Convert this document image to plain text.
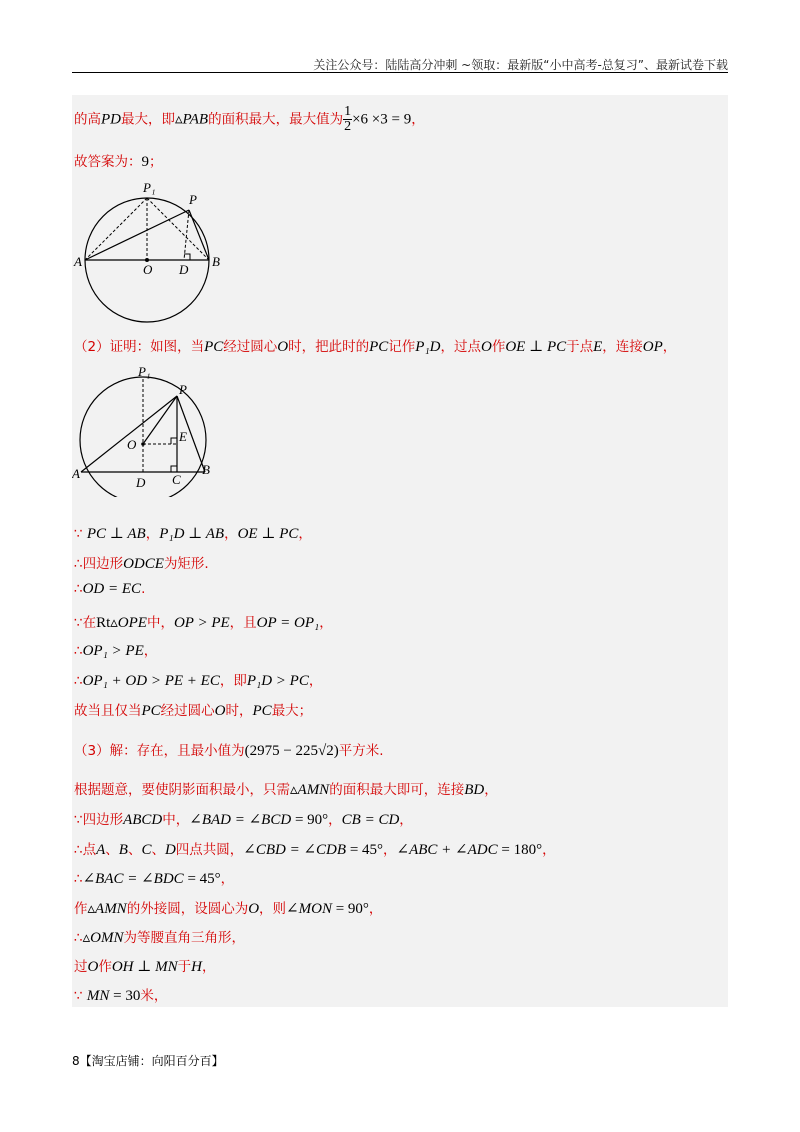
关注公众号：陆陆高分冲刺 ~领取：最新版“小中高考-总复习”、最新试卷下载
的高PD最大，即▵PAB的面积最大，最大值为 $\frac{1}{2} \times 6 \times 3 = 9$，
故答案为：9；
A	B
O D
P₁
P
（2）证明：如图，当PC经过圆心O时，把此时的PC记作P₁D，过点O作OE ⊥ PC于点E，连接OP，
A	B
O
D C
E
P
P₁
∵ PC ⊥ AB，P₁D ⊥ AB，OE ⊥ PC，
∴四边形ODCE为矩形.
∴OD = EC.
∵在Rt▵OPE中，OP > PE，且OP = OP₁，
∴OP₁ > PE，
∴OP₁ + OD > PE + EC，即P₁D > PC，
故当且仅当PC经过圆心O时，PC最大；
（3）解：存在，且最小值为(2975 − 225√2)平方米.
根据题意，要使阴影面积最小，只需▵AMN的面积最大即可，连接BD，
∵四边形ABCD中，∠BAD = ∠BCD = 90°，CB = CD，
∴点A、B、C、D四点共圆，∠CBD = ∠CDB = 45°，∠ABC + ∠ADC = 180°，
∴∠BAC = ∠BDC = 45°，
作▵AMN的外接圆，设圆心为O，则∠MON = 90°，
∴▵OMN为等腰直角三角形，
过O作OH ⊥ MN于H，
∵ MN = 30米，
8【淘宝店铺：向阳百分百】
